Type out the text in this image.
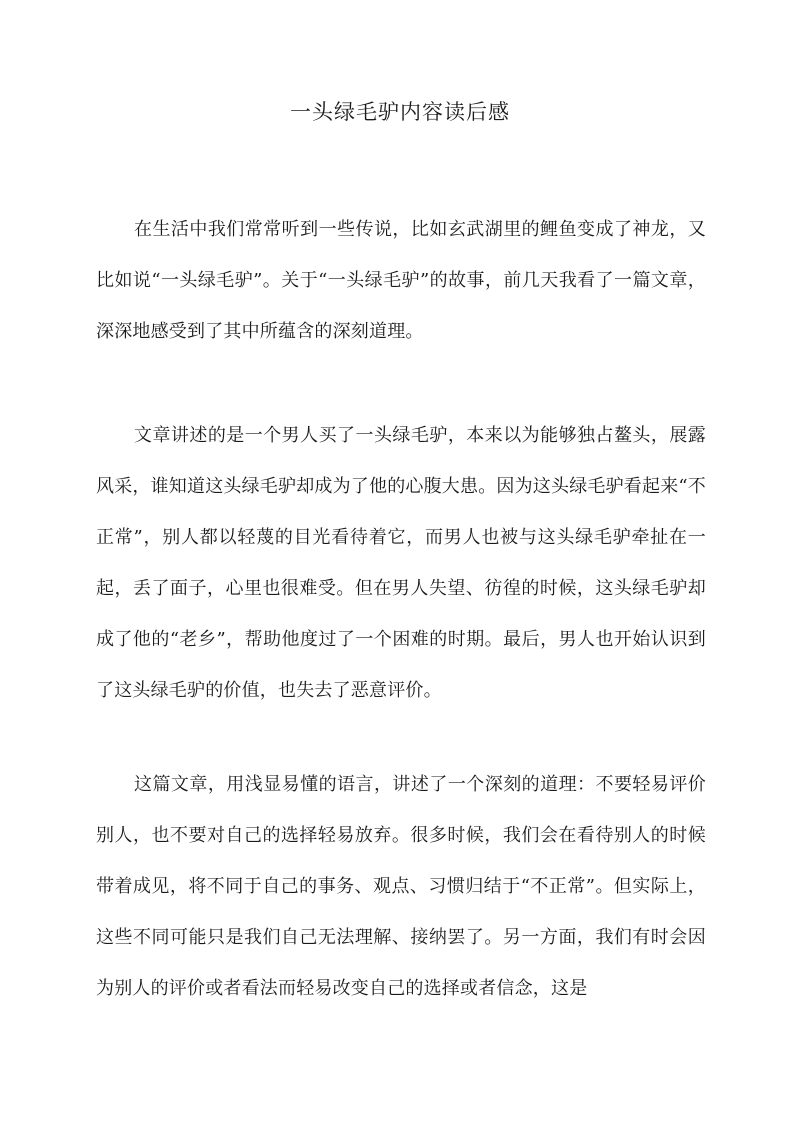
一头绿毛驴内容读后感

在生活中我们常常听到一些传说，比如玄武湖里的鲤鱼变成了神龙，又比如说“一头绿毛驴”。关于“一头绿毛驴”的故事，前几天我看了一篇文章，深深地感受到了其中所蕴含的深刻道理。

文章讲述的是一个男人买了一头绿毛驴，本来以为能够独占鳌头，展露风采，谁知道这头绿毛驴却成为了他的心腹大患。因为这头绿毛驴看起来“不正常”，别人都以轻蔑的目光看待着它，而男人也被与这头绿毛驴牵扯在一起，丢了面子，心里也很难受。但在男人失望、彷徨的时候，这头绿毛驴却成了他的“老乡”，帮助他度过了一个困难的时期。最后，男人也开始认识到了这头绿毛驴的价值，也失去了恶意评价。

这篇文章，用浅显易懂的语言，讲述了一个深刻的道理：不要轻易评价别人，也不要对自己的选择轻易放弃。很多时候，我们会在看待别人的时候带着成见，将不同于自己的事务、观点、习惯归结于“不正常”。但实际上，这些不同可能只是我们自己无法理解、接纳罢了。另一方面，我们有时会因为别人的评价或者看法而轻易改变自己的选择或者信念，这是
